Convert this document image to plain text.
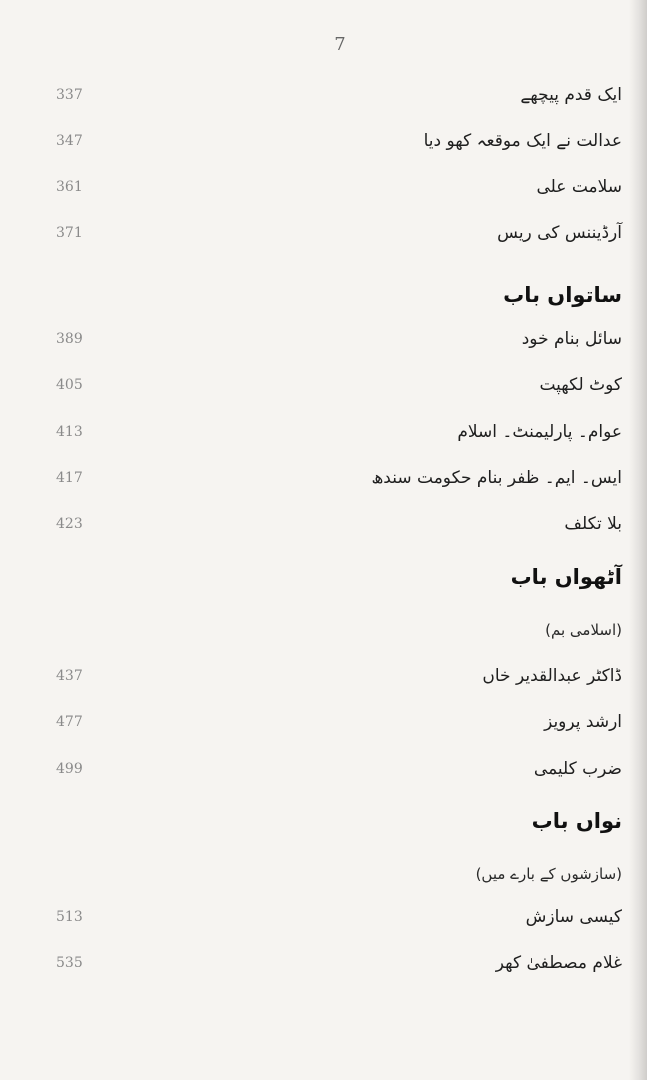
7
ایک قدم پیچھے
337
عدالت نے ایک موقعہ کھو دیا
347
سلامت علی
361
آرڈیننس کی ریس
371
ساتواں باب
سائل بنام خود
389
کوٹ لکھپت
405
عوام۔ پارلیمنٹ۔ اسلام
413
ایس۔ ایم۔ ظفر بنام حکومت سندھ
417
بلا تکلف
423
آٹھواں باب
(اسلامی بم)
ڈاکٹر عبدالقدیر خاں
437
ارشد پرویز
477
ضرب کلیمی
499
نواں باب
(سازشوں کے بارے میں)
کیسی سازش
513
غلام مصطفیٰ کھر
535
